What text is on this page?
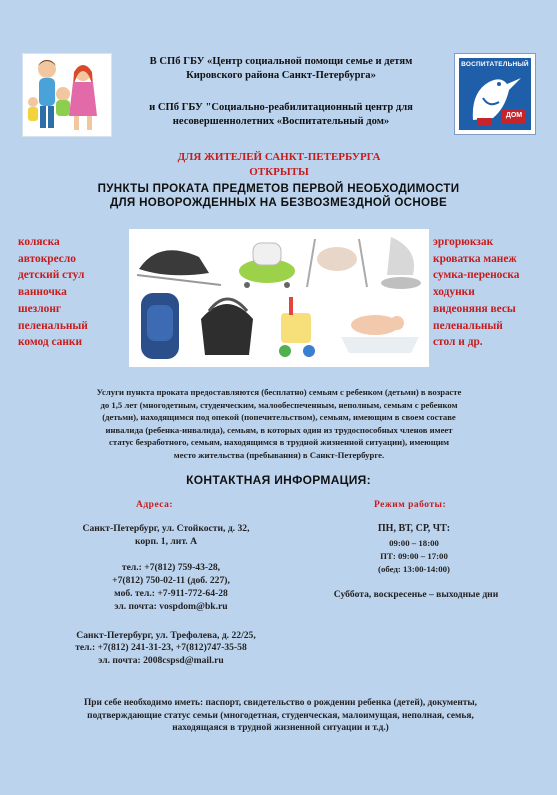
ВОСПИТАТЕЛЬНЫЙ
ДОМ
В СПб ГБУ «Центр социальной помощи семье и детям
Кировского района Санкт-Петербурга»
и СПб ГБУ "Социально-реабилитационный центр для
несовершеннолетних «Воспитательный дом»
ДЛЯ ЖИТЕЛЕЙ САНКТ-ПЕТЕРБУРГА
ОТКРЫТЫ
ПУНКТЫ ПРОКАТА ПРЕДМЕТОВ ПЕРВОЙ НЕОБХОДИМОСТИ
ДЛЯ НОВОРОЖДЕННЫХ НА БЕЗВОЗМЕЗДНОЙ ОСНОВЕ
коляска
автокресло
детский стул
ванночка
шезлонг
пеленальный
комод санки
эргорюкзак
кроватка манеж
сумка-переноска
ходунки
видеоняня весы
пеленальный
стол и др.
Услуги пункта проката предоставляются (бесплатно) семьям с ребенком (детьми) в возрасте
до 1,5 лет (многодетным, студенческим, малообеспеченным, неполным, семьям с ребенком
(детьми), находящимся под опекой (попечительством), семьям, имеющим в своем составе
инвалида (ребенка-инвалида), семьям, в которых один из трудоспособных членов имеет
статус безработного, семьям, находящимся в трудной жизненной ситуации), имеющим
место жительства (пребывания) в Санкт-Петербурге.
КОНТАКТНАЯ ИНФОРМАЦИЯ:
Адреса:	Режим работы:
Санкт-Петербург, ул. Стойкости, д. 32,
корп. 1, лит. А
тел.: +7(812) 759-43-28,
+7(812) 750-02-11 (доб. 227),
моб. тел.: +7-911-772-64-28
эл. почта: vospdom@bk.ru
Санкт-Петербург, ул. Трефолева, д. 22/25,
тел.: +7(812) 241-31-23, +7(812)747-35-58
эл. почта: 2008cspsd@mail.ru
ПН, ВТ, СР, ЧТ:
09:00 – 18:00
ПТ: 09:00 – 17:00
(обед: 13:00-14:00)
Суббота, воскресенье – выходные дни
При себе необходимо иметь: паспорт, свидетельство о рождении ребенка (детей), документы,
подтверждающие статус семьи (многодетная, студенческая, малоимущая, неполная, семья,
находящаяся в трудной жизненной ситуации и т.д.)
